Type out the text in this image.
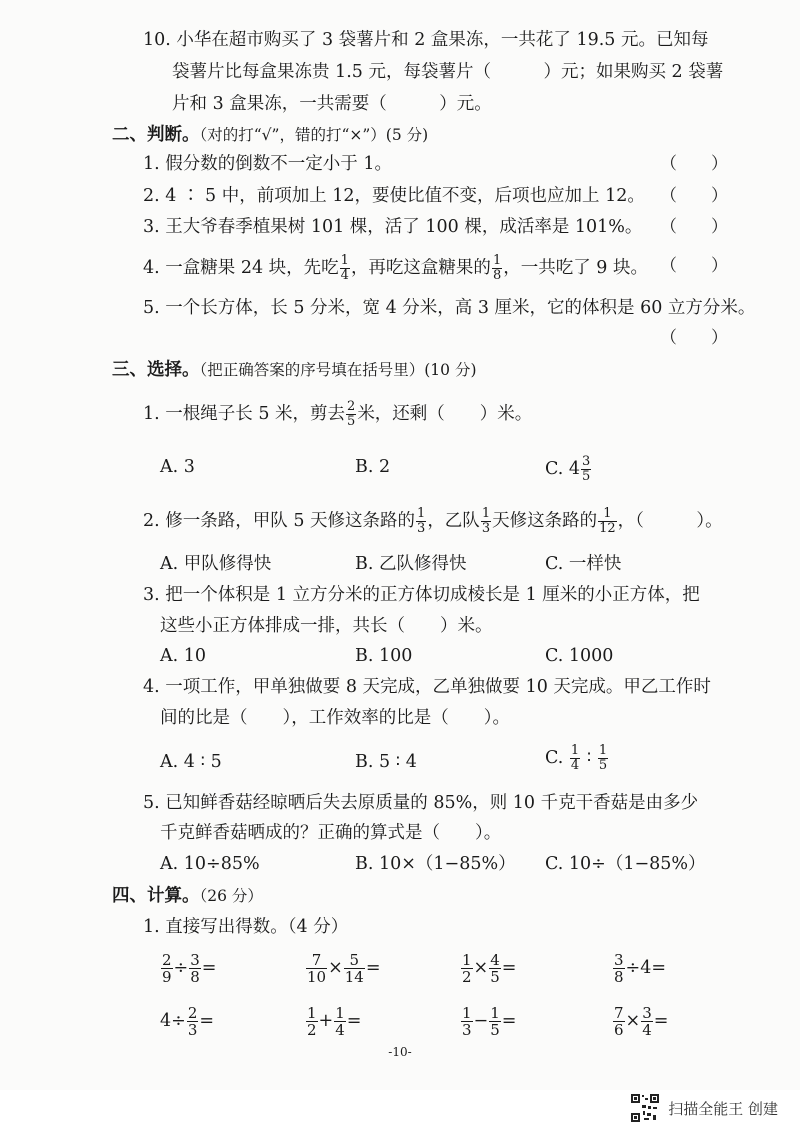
10. 小华在超市购买了 3 袋薯片和 2 盒果冻，一共花了 19.5 元。已知每
袋薯片比每盒果冻贵 1.5 元，每袋薯片（　　　）元；如果购买 2 袋薯
片和 3 盒果冻，一共需要（　　　）元。
二、判断。（对的打“√”，错的打“×”）(5 分)
1. 假分数的倒数不一定小于 1。	（　　）
2. 4 ∶ 5 中，前项加上 12，要使比值不变，后项也应加上 12。 （　　）
3. 王大爷春季植果树 101 棵，活了 100 棵，成活率是 101%。 （　　）
4. 一盒糖果 24 块，先吃 $\frac{1}{4}$ ，再吃这盒糖果的 $\frac{1}{8}$ ，一共吃了 9 块。 （　　）
5. 一个长方体，长 5 分米，宽 4 分米，高 3 厘米，它的体积是 60 立方分米。
（　　）
三、选择。（把正确答案的序号填在括号里）(10 分)
1. 一根绳子长 5 米，剪去 $\frac{2}{5}$ 米，还剩（　　）米。
A. 3	B. 2	C. $4 \frac{3}{5}$
2. 修一条路，甲队 5 天修这条路的 $\frac{1}{3}$ ，乙队 $\frac{1}{3}$ 天修这条路的 $\frac{1}{12}$ ，（　　　）。
A. 甲队修得快	B. 乙队修得快	C. 一样快
3. 把一个体积是 1 立方分米的正方体切成棱长是 1 厘米的小正方体，把
这些小正方体排成一排，共长（　　）米。
A. 10	B. 100	C. 1000
4. 一项工作，甲单独做要 8 天完成，乙单独做要 10 天完成。甲乙工作时
间的比是（　　），工作效率的比是（　　）。
A. 4 ∶ 5	B. 5 ∶ 4	C. $\frac{1}{4}$ ∶ $\frac{1}{5}$
5. 已知鲜香菇经晾晒后失去原质量的 85%，则 10 千克干香菇是由多少
千克鲜香菇晒成的？正确的算式是（　　）。
A. 10÷85%	B. 10×（1−85%） C. 10÷（1−85%）
四、计算。（26 分）
1. 直接写出得数。（4 分）
$\frac{2}{9} \div \frac{3}{8}$ =	$\frac{7}{10} \times \frac{5}{14}$ =	$\frac{1}{2} \times \frac{4}{5}$ =	$\frac{3}{8} \div 4=$
$4\div \frac{2}{3}$ =	$\frac{1}{2} + \frac{1}{4}$ =	$\frac{1}{3} - \frac{1}{5}$ =	$\frac{7}{6} \times \frac{3}{4}$ =
-10-
扫描全能王 创建
